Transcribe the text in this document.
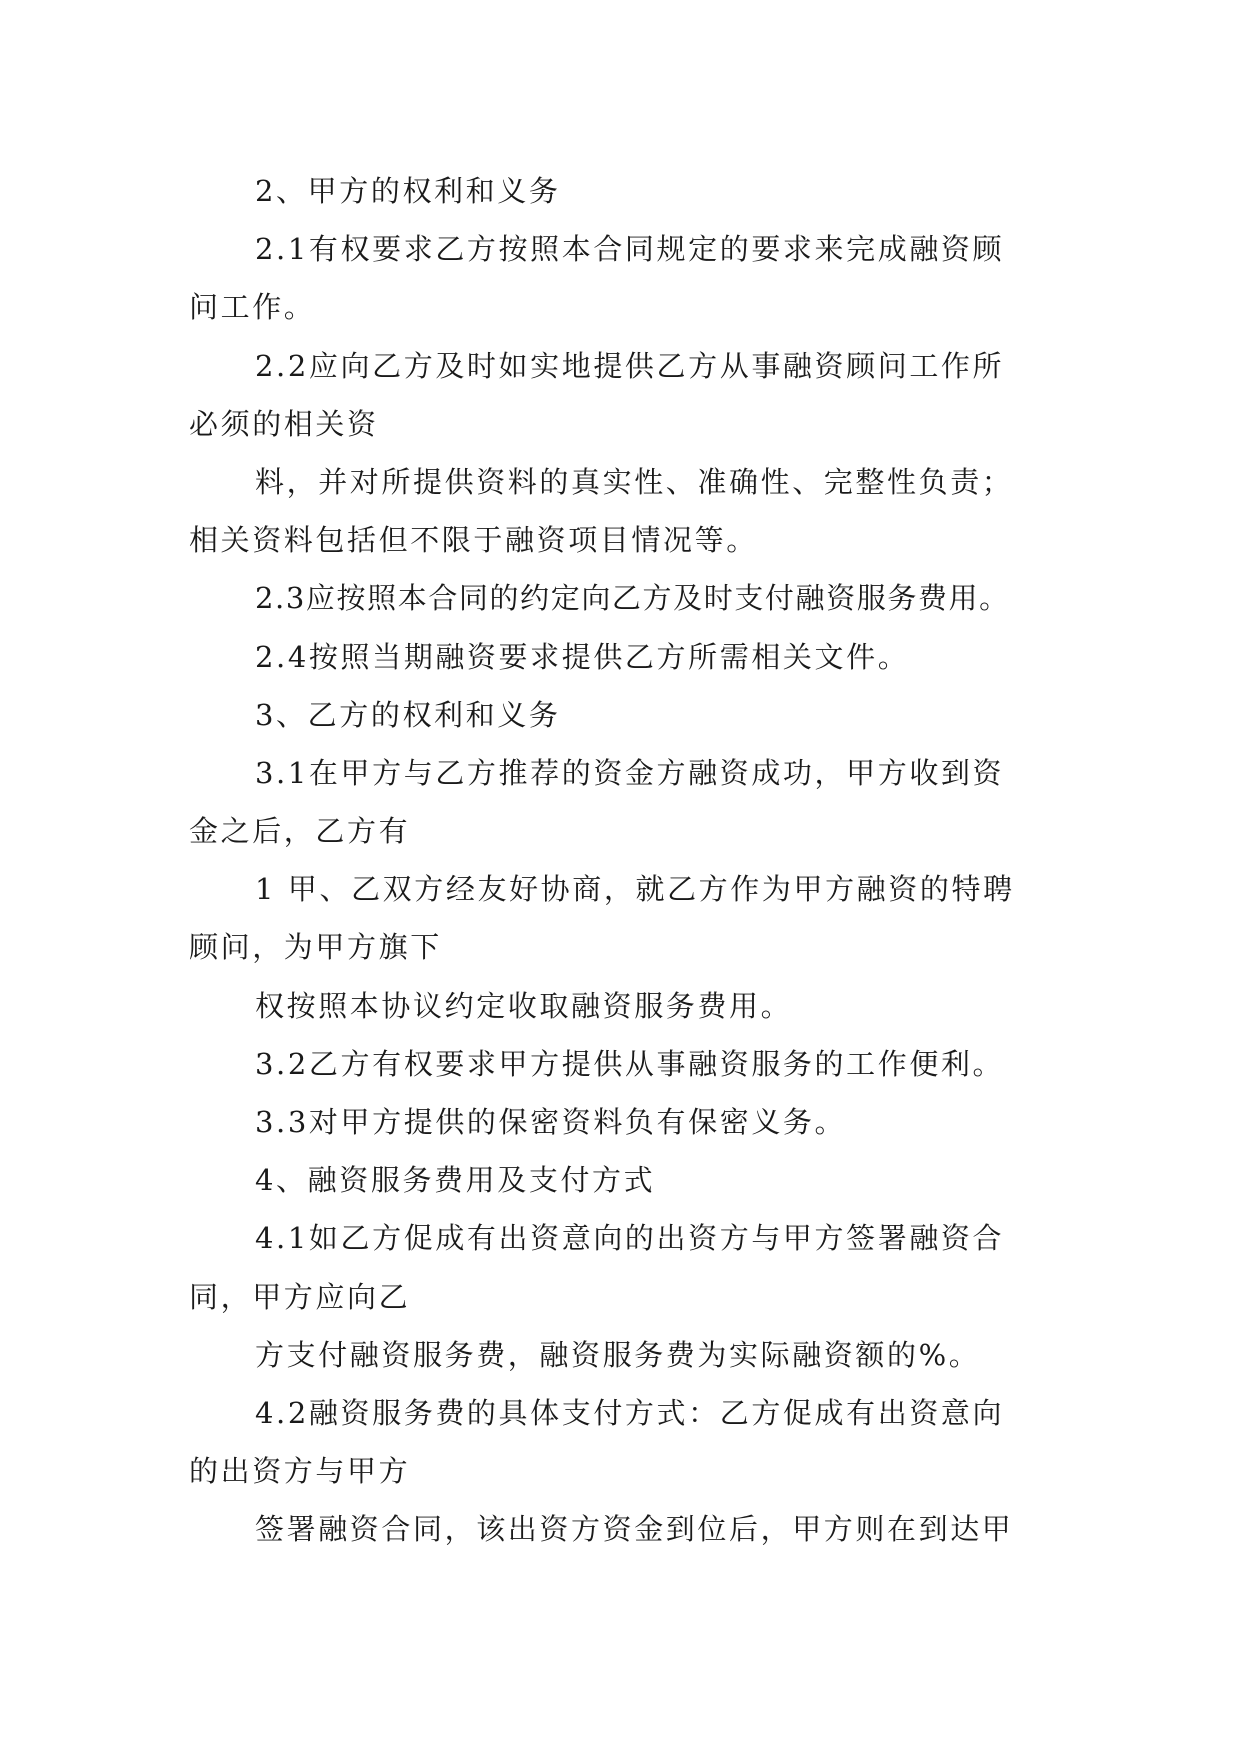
2、甲方的权利和义务
2.1有权要求乙方按照本合同规定的要求来完成融资顾
问工作。
2.2应向乙方及时如实地提供乙方从事融资顾问工作所
必须的相关资
料，并对所提供资料的真实性、准确性、完整性负责；
相关资料包括但不限于融资项目情况等。
2.3应按照本合同的约定向乙方及时支付融资服务费用。
2.4按照当期融资要求提供乙方所需相关文件。
3、乙方的权利和义务
3.1在甲方与乙方推荐的资金方融资成功，甲方收到资
金之后，乙方有
1 甲、乙双方经友好协商，就乙方作为甲方融资的特聘
顾问，为甲方旗下
权按照本协议约定收取融资服务费用。
3.2乙方有权要求甲方提供从事融资服务的工作便利。
3.3对甲方提供的保密资料负有保密义务。
4、融资服务费用及支付方式
4.1如乙方促成有出资意向的出资方与甲方签署融资合
同，甲方应向乙
方支付融资服务费，融资服务费为实际融资额的%。
4.2融资服务费的具体支付方式：乙方促成有出资意向
的出资方与甲方
签署融资合同，该出资方资金到位后，甲方则在到达甲
